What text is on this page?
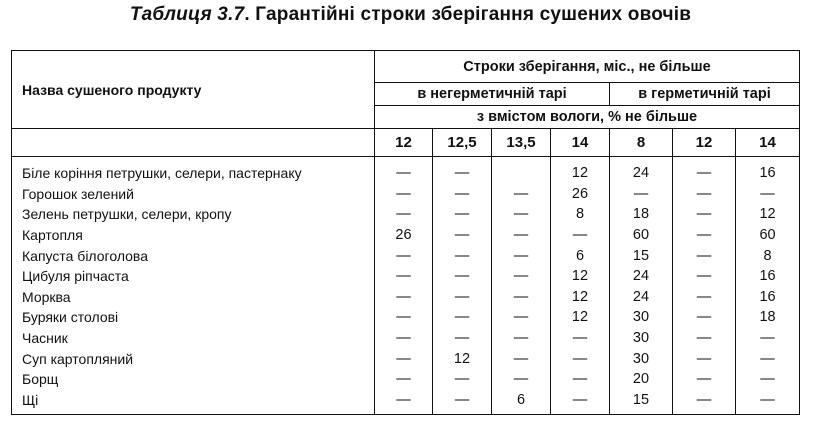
Таблиця 3.7. Гарантійні строки зберігання сушених овочів
Назва сушеного продукту	Строки зберігання, міс., не більше						
	в негерметичній тарі				в герметичній тарі		
	з вмістом вологи, % не більше						
	12	12,5	13,5	14	8	12	14
Біле коріння петрушки, селери, пастернаку	—	—		12	24	—	16
Горошок зелений	—	—	—	26	—	—	—
Зелень петрушки, селери, кропу	—	—	—	8	18	—	12
Картопля	26	—	—	—	60	—	60
Капуста білоголова	—	—	—	6	15	—	8
Цибуля ріпчаста	—	—	—	12	24	—	16
Морква	—	—	—	12	24	—	16
Буряки столові	—	—	—	12	30	—	18
Часник	—	—	—	—	30	—	—
Суп картопляний	—	12	—	—	30	—	—
Борщ	—	—	—	—	20	—	—
Щі	—	—	6	—	15	—	—
